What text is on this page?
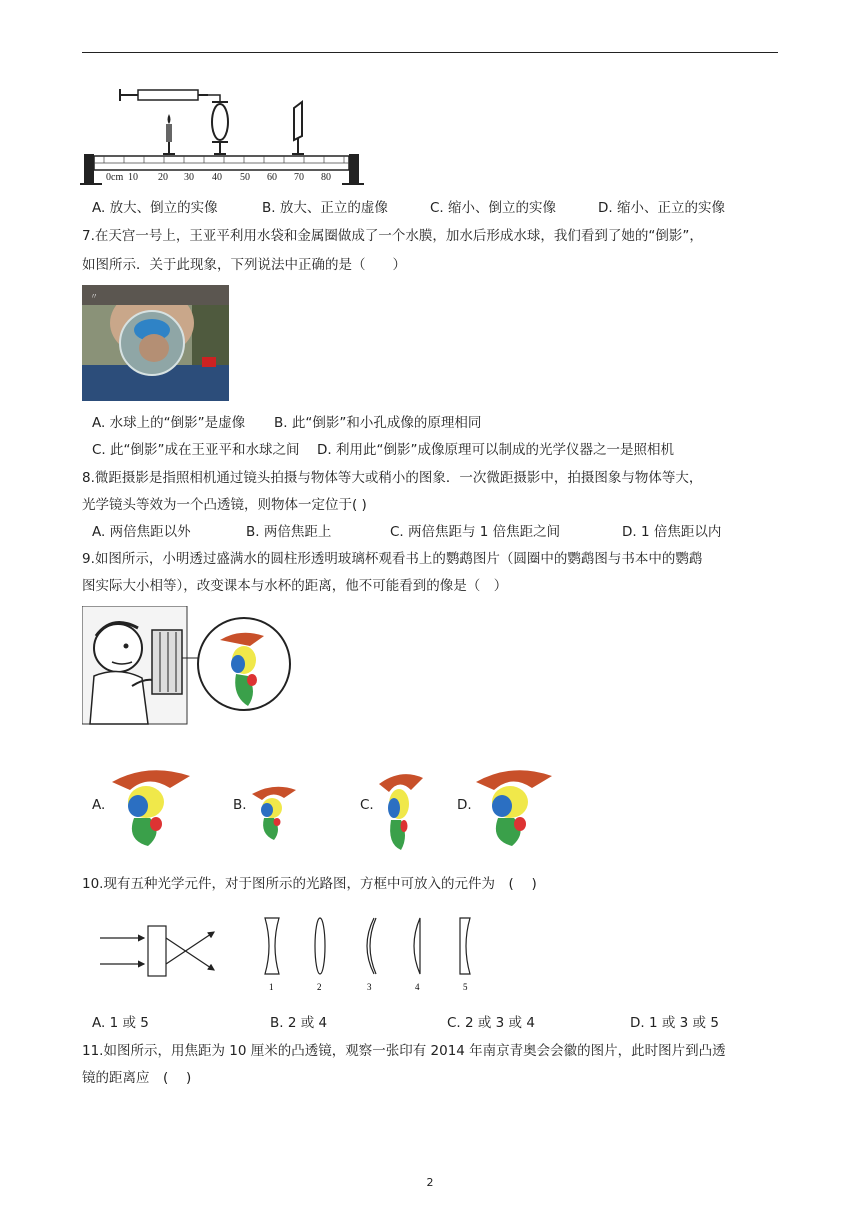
0cm 10 20 30 40 50 60 70 80
A. 放大、倒立的实像	B. 放大、正立的虚像	C. 缩小、倒立的实像	D. 缩小、正立的实像
7.在天宫一号上，王亚平利用水袋和金属圈做成了一个水膜，加水后形成水球，我们看到了她的“倒影”，
如图所示．关于此现象，下列说法中正确的是（　　）
〃
A. 水球上的“倒影”是虚像 B. 此“倒影”和小孔成像的原理相同
C. 此“倒影”成在王亚平和水球之间 D. 利用此“倒影”成像原理可以制成的光学仪器之一是照相机
8.微距摄影是指照相机通过镜头拍摄与物体等大或稍小的图象．一次微距摄影中，拍摄图象与物体等大，
光学镜头等效为一个凸透镜，则物体一定位于( )
A. 两倍焦距以外	B. 两倍焦距上	C. 两倍焦距与 1 倍焦距之间	D. 1 倍焦距以内
9.如图所示，小明透过盛满水的圆柱形透明玻璃杯观看书上的鹦鹉图片（圆圈中的鹦鹉图与书本中的鹦鹉
图实际大小相等），改变课本与水杯的距离，他不可能看到的像是（　）
A.	B.	C.	D.
10.现有五种光学元件，对于图所示的光路图，方框中可放入的元件为　(　 )
1	2	3	4	5
A. 1 或 5	B. 2 或 4	C. 2 或 3 或 4	D. 1 或 3 或 5
11.如图所示，用焦距为 10 厘米的凸透镜，观察一张印有 2014 年南京青奥会会徽的图片，此时图片到凸透
镜的距离应　(　 )
2
